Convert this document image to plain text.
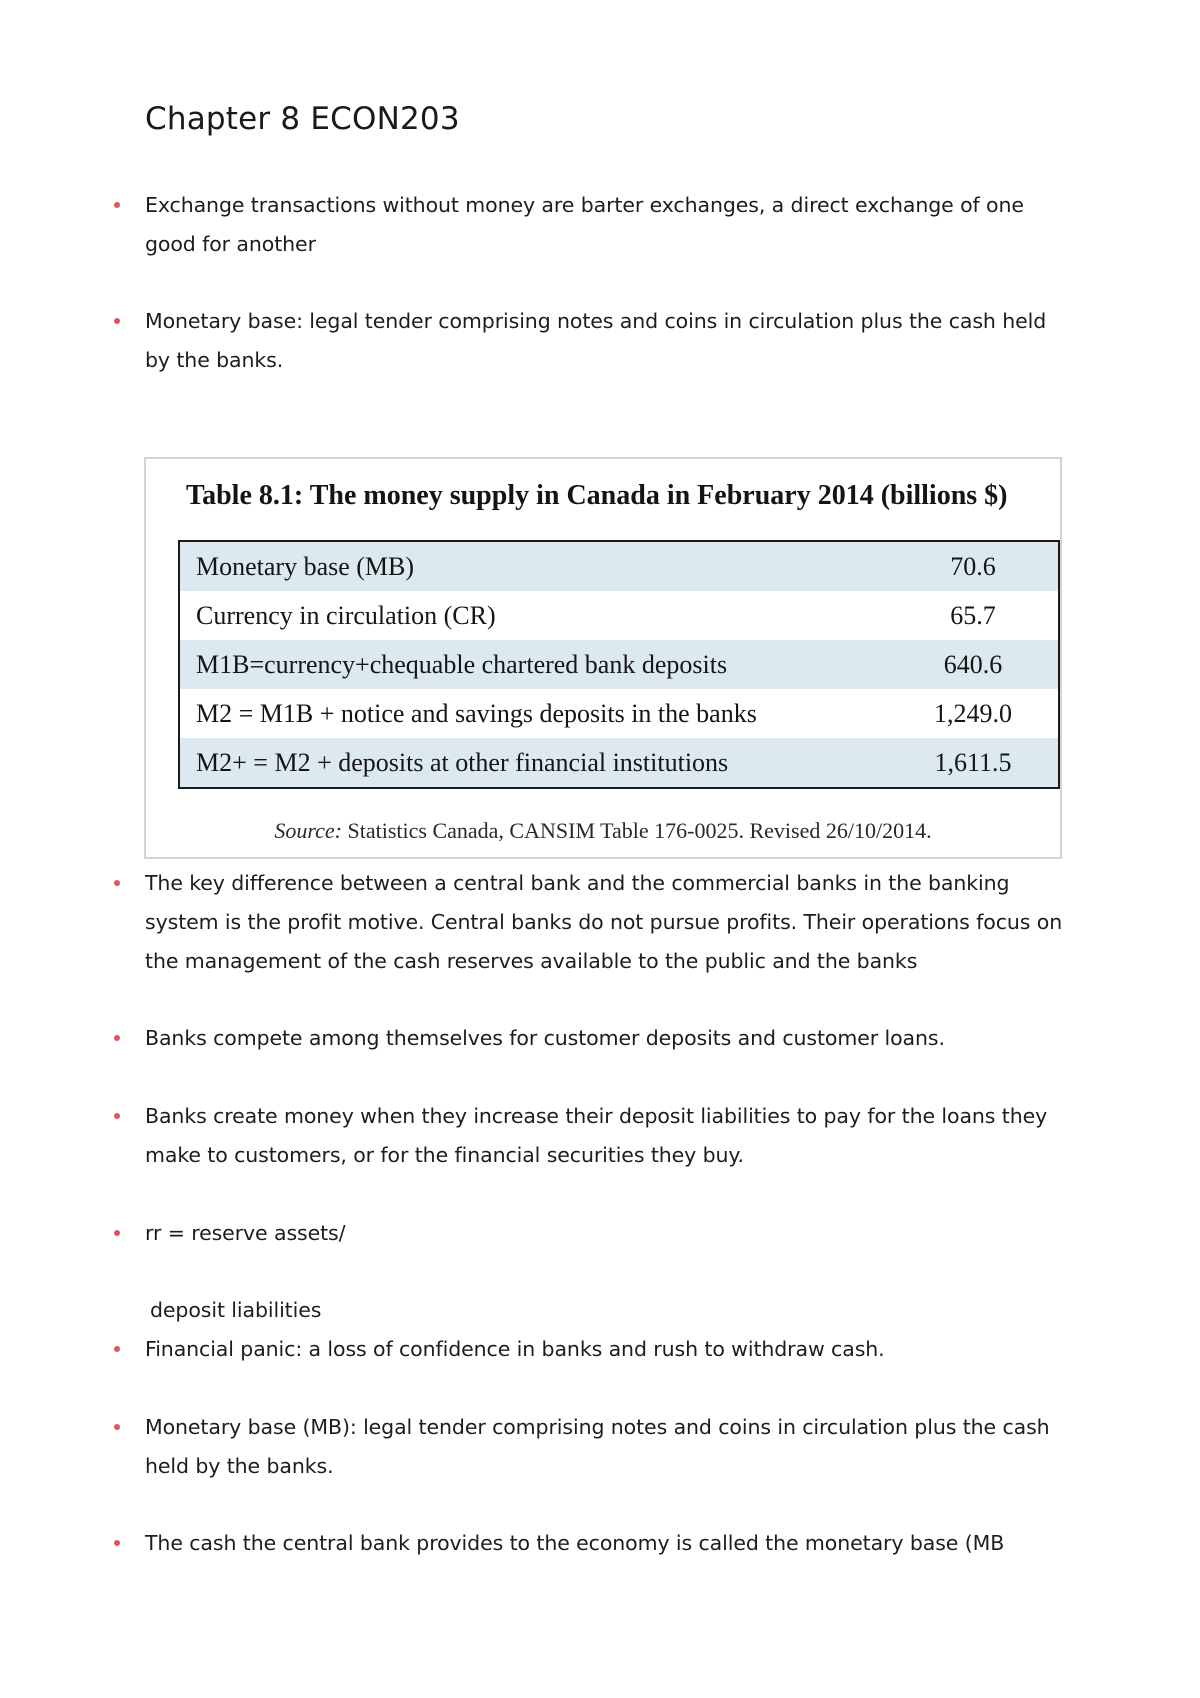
Chapter 8 ECON203
Exchange transactions without money are barter exchanges, a direct exchange of one
good for another
Monetary base: legal tender comprising notes and coins in circulation plus the cash held
by the banks.
Table 8.1: The money supply in Canada in February 2014 (billions $)
Monetary base (MB)	70.6
Currency in circulation (CR)	65.7
M1B=currency+chequable chartered bank deposits	640.6
M2 = M1B + notice and savings deposits in the banks	1,249.0
M2+ = M2 + deposits at other financial institutions	1,611.5
Source: Statistics Canada, CANSIM Table 176-0025. Revised 26/10/2014.
The key difference between a central bank and the commercial banks in the banking
system is the profit motive. Central banks do not pursue profits. Their operations focus on
the management of the cash reserves available to the public and the banks
Banks compete among themselves for customer deposits and customer loans.
Banks create money when they increase their deposit liabilities to pay for the loans they
make to customers, or for the financial securities they buy.
rr = reserve assets/
deposit liabilities
Financial panic: a loss of confidence in banks and rush to withdraw cash.
Monetary base (MB): legal tender comprising notes and coins in circulation plus the cash
held by the banks.
The cash the central bank provides to the economy is called the monetary base (MB
